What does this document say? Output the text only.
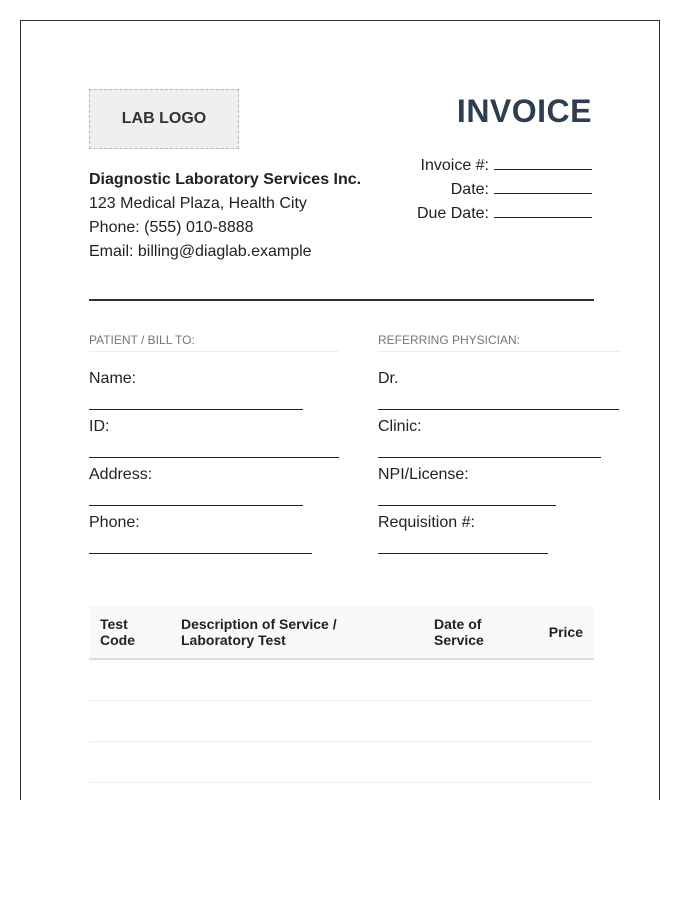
LAB LOGO
Diagnostic Laboratory Services Inc.
123 Medical Plaza, Health City
Phone: (555) 010-8888
Email: billing@diaglab.example
INVOICE
Invoice #:
Date:
Due Date:
PATIENT / BILL TO:
Name:
ID:
Address:
Phone:
REFERRING PHYSICIAN:
Dr.
Clinic:
NPI/License:
Requisition #:
Test Code	Description of Service / Laboratory Test	Date of Service	Price
